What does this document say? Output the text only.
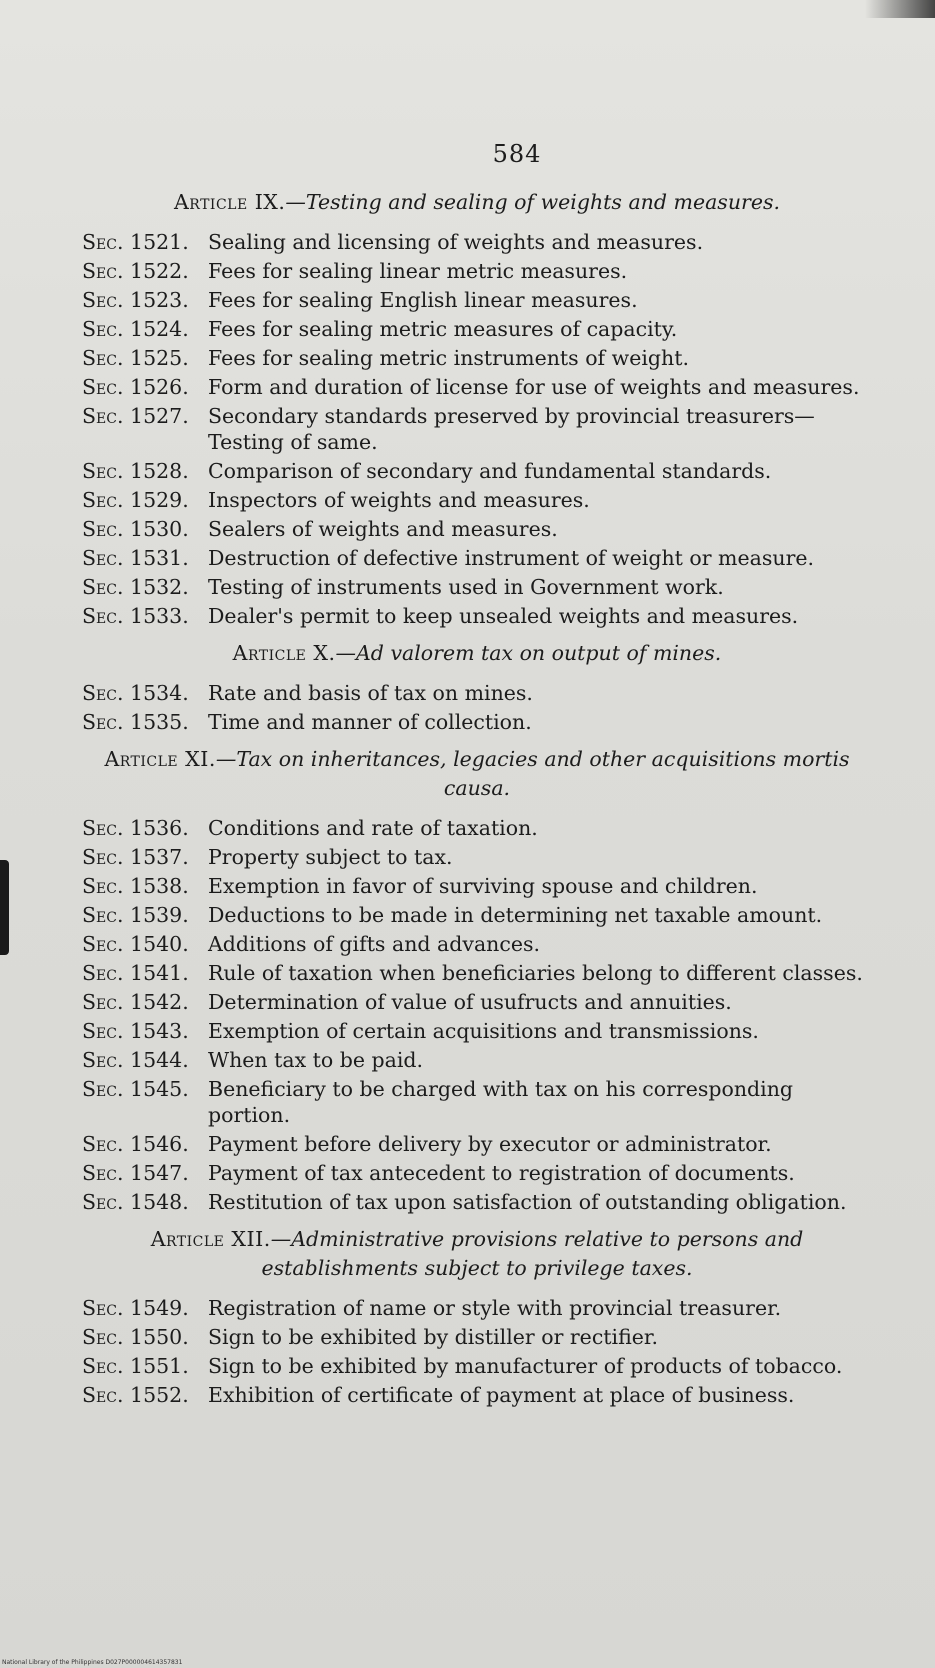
584
Article IX.—Testing and sealing of weights and measures.
Sec. 1521. Sealing and licensing of weights and measures.
Sec. 1522. Fees for sealing linear metric measures.
Sec. 1523. Fees for sealing English linear measures.
Sec. 1524. Fees for sealing metric measures of capacity.
Sec. 1525. Fees for sealing metric instruments of weight.
Sec. 1526. Form and duration of license for use of weights and measures.
Sec. 1527. Secondary standards preserved by provincial treasurers—Testing of same.
Sec. 1528. Comparison of secondary and fundamental standards.
Sec. 1529. Inspectors of weights and measures.
Sec. 1530. Sealers of weights and measures.
Sec. 1531. Destruction of defective instrument of weight or measure.
Sec. 1532. Testing of instruments used in Government work.
Sec. 1533. Dealer's permit to keep unsealed weights and measures.
Article X.—Ad valorem tax on output of mines.
Sec. 1534. Rate and basis of tax on mines.
Sec. 1535. Time and manner of collection.
Article XI.—Tax on inheritances, legacies and other acquisitions mortis causa.
Sec. 1536. Conditions and rate of taxation.
Sec. 1537. Property subject to tax.
Sec. 1538. Exemption in favor of surviving spouse and children.
Sec. 1539. Deductions to be made in determining net taxable amount.
Sec. 1540. Additions of gifts and advances.
Sec. 1541. Rule of taxation when beneficiaries belong to different classes.
Sec. 1542. Determination of value of usufructs and annuities.
Sec. 1543. Exemption of certain acquisitions and transmissions.
Sec. 1544. When tax to be paid.
Sec. 1545. Beneficiary to be charged with tax on his corresponding portion.
Sec. 1546. Payment before delivery by executor or administrator.
Sec. 1547. Payment of tax antecedent to registration of documents.
Sec. 1548. Restitution of tax upon satisfaction of outstanding obligation.
Article XII.—Administrative provisions relative to persons and establishments subject to privilege taxes.
Sec. 1549. Registration of name or style with provincial treasurer.
Sec. 1550. Sign to be exhibited by distiller or rectifier.
Sec. 1551. Sign to be exhibited by manufacturer of products of tobacco.
Sec. 1552. Exhibition of certificate of payment at place of business.
National Library of the Philippines D027P000004614357831
